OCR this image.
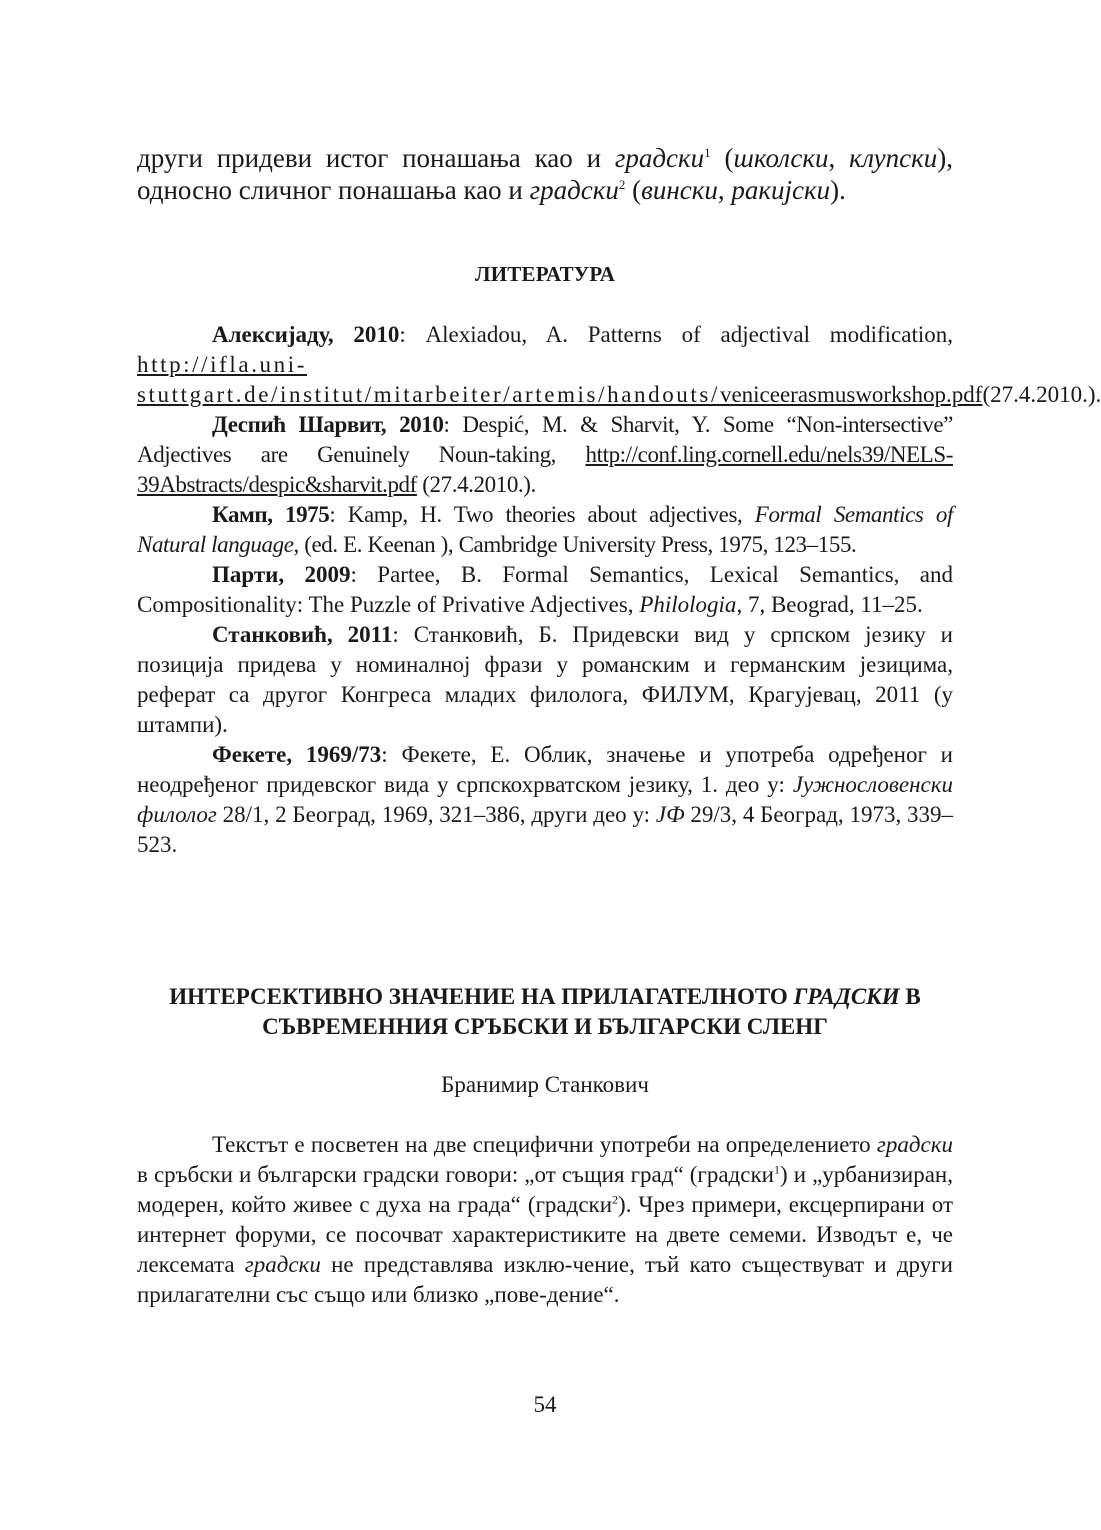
други придеви истог понашања као и градски$^1$ (школски, клупски), односно сличног понашања као и градски$^2$ (вински, ракијски).

ЛИТЕРАТУРА

Алексијаду, 2010: Alexiadou, A. Patterns of adjectival modification, http://ifla.uni-stuttgart.de/institut/mitarbeiter/artemis/handouts/veniceerasmusworkshop.pdf(27.4.2010.).

Деспић Шарвит, 2010: Despić, M. & Sharvit, Y. Some “Non-intersective” Adjectives are Genuinely Noun-taking, http://conf.ling.cornell.edu/nels39/NELS-39Abstracts/despic&sharvit.pdf (27.4.2010.).

Камп, 1975: Kamp, H. Two theories about adjectives, Formal Semantics of Natural language, (ed. E. Keenan ), Cambridge University Press, 1975, 123–155.

Парти, 2009: Partee, B. Formal Semantics, Lexical Semantics, and Compositionality: The Puzzle of Privative Adjectives, Philologia, 7, Beograd, 11–25.

Станковић, 2011: Станковић, Б. Придевски вид у српском језику и позиција придева у номиналној фрази у романским и германским језицима, реферат са другог Конгреса младих филолога, ФИЛУМ, Крагујевац, 2011 (у штампи).

Фекете, 1969/73: Фекете, Е. Облик, значење и употреба одређеног и неодређеног придевског вида у српскохрватском језику, 1. део у: Јужнословенски филолог 28/1, 2 Београд, 1969, 321–386, други део у: ЈФ 29/3, 4 Београд, 1973, 339–523.

ИНТЕРСЕКТИВНО ЗНАЧЕНИЕ НА ПРИЛАГАТЕЛНОТО ГРАДСКИ В СЪВРЕМЕННИЯ СРЪБСКИ И БЪЛГАРСКИ СЛЕНГ

Бранимир Станкович

Текстът е посветен на две специфични употреби на определението градски в сръбски и български градски говори: „от същия град“ (градски$^1$) и „урбанизиран, модерен, който живее с духа на града“ (градски$^2$). Чрез примери, ексцерпирани от интернет форуми, се посочват характеристиките на двете семеми. Изводът е, че лексемата градски не представлява изклю-чение, тъй като съществуват и други прилагателни със също или близко „пове-дение“.

54
